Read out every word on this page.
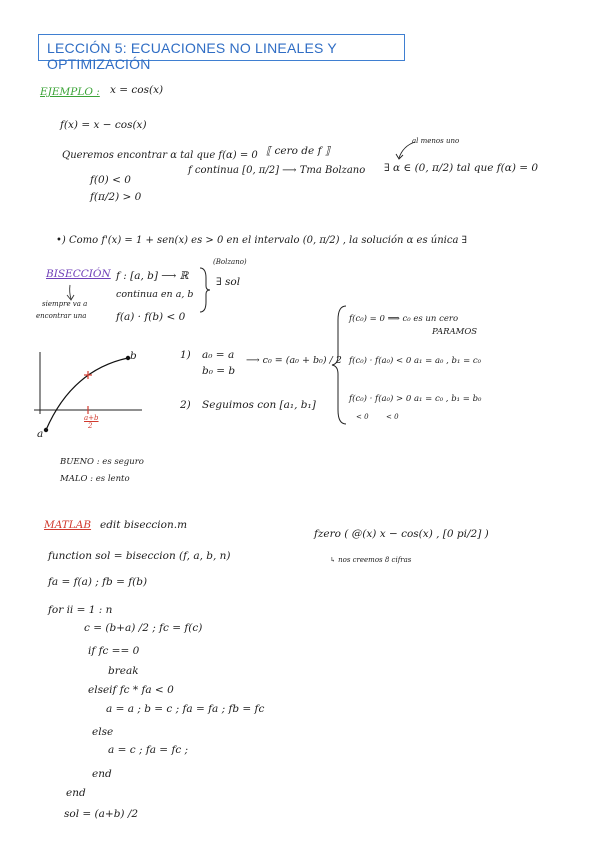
LECCIÓN 5: ECUACIONES NO LINEALES Y OPTIMIZACIÓN
EJEMPLO : x = cos(x)
f(x) = x − cos(x)
Queremos encontrar α tal que f(α) = 0 ⟦ cero de f ⟧
al menos uno
∃ α ∈ (0, π/2) tal que f(α) = 0
f(0) < 0
f continua [0, π/2] ⟶ Tma Bolzano
f(π/2) > 0
•) Como f'(x) = 1 + sen(x) es > 0 en el intervalo (0, π/2) , la solución α es única ∃
BISECCIÓN
siempre va a
encontrar una
f : [a, b] ⟶ ℝ
continua en a, b
f(a) · f(b) < 0
(Bolzano)
∃ sol
b
a
a+b
2
1) a₀ = a
b₀ = b
⟶ c₀ = (a₀ + b₀) / 2
2) Seguimos con [a₁, b₁]
f(c₀) = 0 ⟹ c₀ es un cero
PARAMOS
f(c₀) · f(a₀) < 0 a₁ = a₀ , b₁ = c₀
f(c₀) · f(a₀) > 0 a₁ = c₀ , b₁ = b₀
< 0 < 0
BUENO : es seguro
MALO : es lento
MATLAB edit biseccion.m
fzero ( @(x) x − cos(x) , [0 pi/2] )
↳ nos creemos 8 cifras
function sol = biseccion (f, a, b, n)
fa = f(a) ; fb = f(b)
for ii = 1 : n
c = (b+a) /2 ; fc = f(c)
if fc == 0
break
elseif fc * fa < 0
a = a ; b = c ; fa = fa ; fb = fc
else
a = c ; fa = fc ;
end
end
sol = (a+b) /2
